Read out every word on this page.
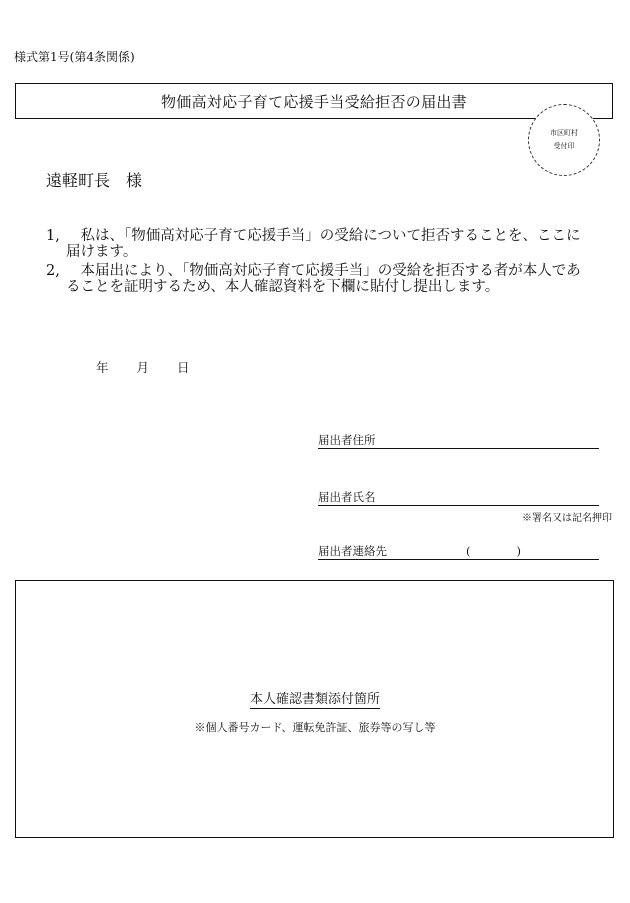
様式第1号(第4条関係)
物価高対応子育て応援手当受給拒否の届出書
市区町村
受付印
遠軽町長　様
1, 　私は、「物価高対応子育て応援手当」の受給について拒否することを、ここに届けます。
2, 　本届出により、「物価高対応子育て応援手当」の受給を拒否する者が本人であることを証明するため、本人確認資料を下欄に貼付し提出します。
年 月 日
届出者住所
届出者氏名
※署名又は記名押印
届出者連絡先	(　　　　)
本人確認書類添付箇所
※個人番号カード、運転免許証、旅券等の写し等
